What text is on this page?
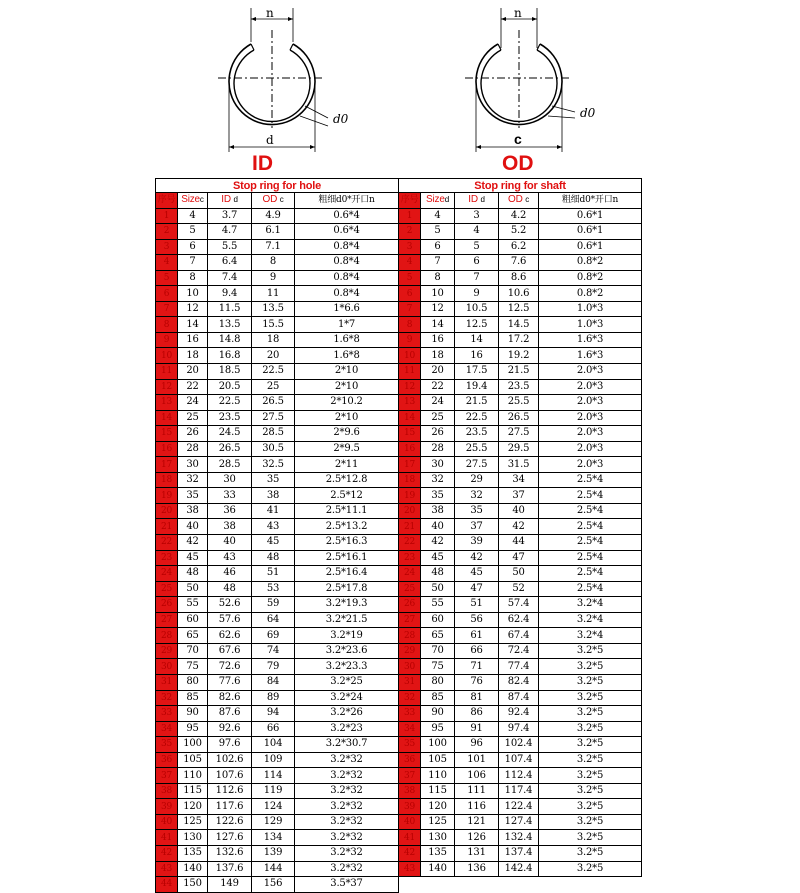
n
d
d0
ID
n
c
d0
OD
Stop ring for hole				
序号	Sizec	ID d	OD c	粗细d0*开口n
1	4	3.7	4.9	0.6*4
2	5	4.7	6.1	0.6*4
3	6	5.5	7.1	0.8*4
4	7	6.4	8	0.8*4
5	8	7.4	9	0.8*4
6	10	9.4	11	0.8*4
7	12	11.5	13.5	1*6.6
8	14	13.5	15.5	1*7
9	16	14.8	18	1.6*8
10	18	16.8	20	1.6*8
11	20	18.5	22.5	2*10
12	22	20.5	25	2*10
13	24	22.5	26.5	2*10.2
14	25	23.5	27.5	2*10
15	26	24.5	28.5	2*9.6
16	28	26.5	30.5	2*9.5
17	30	28.5	32.5	2*11
18	32	30	35	2.5*12.8
19	35	33	38	2.5*12
20	38	36	41	2.5*11.1
21	40	38	43	2.5*13.2
22	42	40	45	2.5*16.3
23	45	43	48	2.5*16.1
24	48	46	51	2.5*16.4
25	50	48	53	2.5*17.8
26	55	52.6	59	3.2*19.3
27	60	57.6	64	3.2*21.5
28	65	62.6	69	3.2*19
29	70	67.6	74	3.2*23.6
30	75	72.6	79	3.2*23.3
31	80	77.6	84	3.2*25
32	85	82.6	89	3.2*24
33	90	87.6	94	3.2*26
34	95	92.6	66	3.2*23
35	100	97.6	104	3.2*30.7
36	105	102.6	109	3.2*32
37	110	107.6	114	3.2*32
38	115	112.6	119	3.2*32
39	120	117.6	124	3.2*32
40	125	122.6	129	3.2*32
41	130	127.6	134	3.2*32
42	135	132.6	139	3.2*32
43	140	137.6	144	3.2*32
44	150	149	156	3.5*37
Stop ring for shaft				
序号	Sized	ID d	OD c	粗细d0*开口n
1	4	3	4.2	0.6*1
2	5	4	5.2	0.6*1
3	6	5	6.2	0.6*1
4	7	6	7.6	0.8*2
5	8	7	8.6	0.8*2
6	10	9	10.6	0.8*2
7	12	10.5	12.5	1.0*3
8	14	12.5	14.5	1.0*3
9	16	14	17.2	1.6*3
10	18	16	19.2	1.6*3
11	20	17.5	21.5	2.0*3
12	22	19.4	23.5	2.0*3
13	24	21.5	25.5	2.0*3
14	25	22.5	26.5	2.0*3
15	26	23.5	27.5	2.0*3
16	28	25.5	29.5	2.0*3
17	30	27.5	31.5	2.0*3
18	32	29	34	2.5*4
19	35	32	37	2.5*4
20	38	35	40	2.5*4
21	40	37	42	2.5*4
22	42	39	44	2.5*4
23	45	42	47	2.5*4
24	48	45	50	2.5*4
25	50	47	52	2.5*4
26	55	51	57.4	3.2*4
27	60	56	62.4	3.2*4
28	65	61	67.4	3.2*4
29	70	66	72.4	3.2*5
30	75	71	77.4	3.2*5
31	80	76	82.4	3.2*5
32	85	81	87.4	3.2*5
33	90	86	92.4	3.2*5
34	95	91	97.4	3.2*5
35	100	96	102.4	3.2*5
36	105	101	107.4	3.2*5
37	110	106	112.4	3.2*5
38	115	111	117.4	3.2*5
39	120	116	122.4	3.2*5
40	125	121	127.4	3.2*5
41	130	126	132.4	3.2*5
42	135	131	137.4	3.2*5
43	140	136	142.4	3.2*5
